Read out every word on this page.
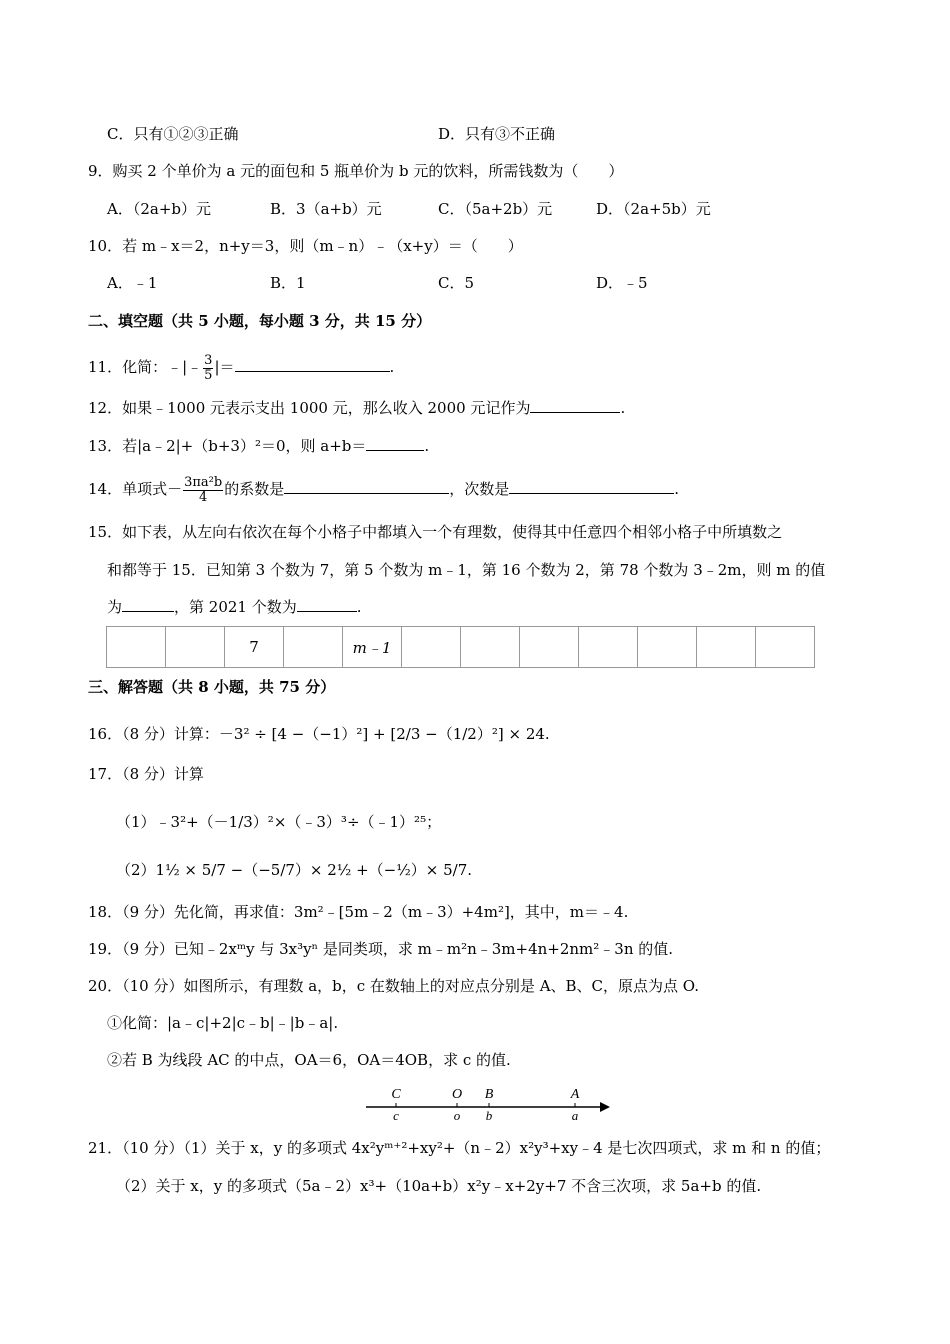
C．只有①②③正确	D．只有③不正确
9．购买 2 个单价为 a 元的面包和 5 瓶单价为 b 元的饮料，所需钱数为（　　）
A．（2a+b）元	B．3（a+b）元	C．（5a+2b）元	D．（2a+5b）元
10．若 m﹣x＝2，n+y＝3，则（m﹣n）﹣（x+y）＝（　　）
A．﹣1	B．1	C．5	D．﹣5
二、填空题（共 5 小题，每小题 3 分，共 15 分）
11．化简：﹣|﹣ $\frac{3}{5}$ |＝	.
12．如果﹣1000 元表示支出 1000 元，那么收入 2000 元记作为	.
13．若|a﹣2|+（b+3）²＝0，则 a+b＝	.
14．单项式－ $\frac{\text{3πa²b}}{4}$ 的系数是	，次数是	.
15．如下表，从左向右依次在每个小格子中都填入一个有理数，使得其中任意四个相邻小格子中所填数之
和都等于 15．已知第 3 个数为 7，第 5 个数为 m﹣1，第 16 个数为 2，第 78 个数为 3﹣2m，则 m 的值
为	，第 2021 个数为	.
		7		m﹣1							
三、解答题（共 8 小题，共 75 分）
16．（8 分）计算：－3² ÷ [4 −（−1）²] + [2/3 −（1/2）²] × 24.
17．（8 分）计算
（1）﹣3²+（－1/3）²×（﹣3）³÷（﹣1）²⁵；
（2）1½ × 5/7 −（−5/7）× 2½ +（−½）× 5/7.
18．（9 分）先化简，再求值：3m²﹣[5m﹣2（m﹣3）+4m²]，其中，m＝﹣4.
19．（9 分）已知﹣2xᵐy 与 3x³yⁿ 是同类项，求 m﹣m²n﹣3m+4n+2nm²﹣3n 的值.
20．（10 分）如图所示，有理数 a，b，c 在数轴上的对应点分别是 A、B、C，原点为点 O.
①化简：|a﹣c|+2|c﹣b|﹣|b﹣a|.
②若 B 为线段 AC 的中点，OA＝6，OA＝4OB，求 c 的值.
C	O B	A
c	o b	a
21．（10 分）（1）关于 x，y 的多项式 4x²yᵐ⁺²+xy²+（n﹣2）x²y³+xy﹣4 是七次四项式，求 m 和 n 的值；
（2）关于 x，y 的多项式（5a﹣2）x³+（10a+b）x²y﹣x+2y+7 不含三次项，求 5a+b 的值.
